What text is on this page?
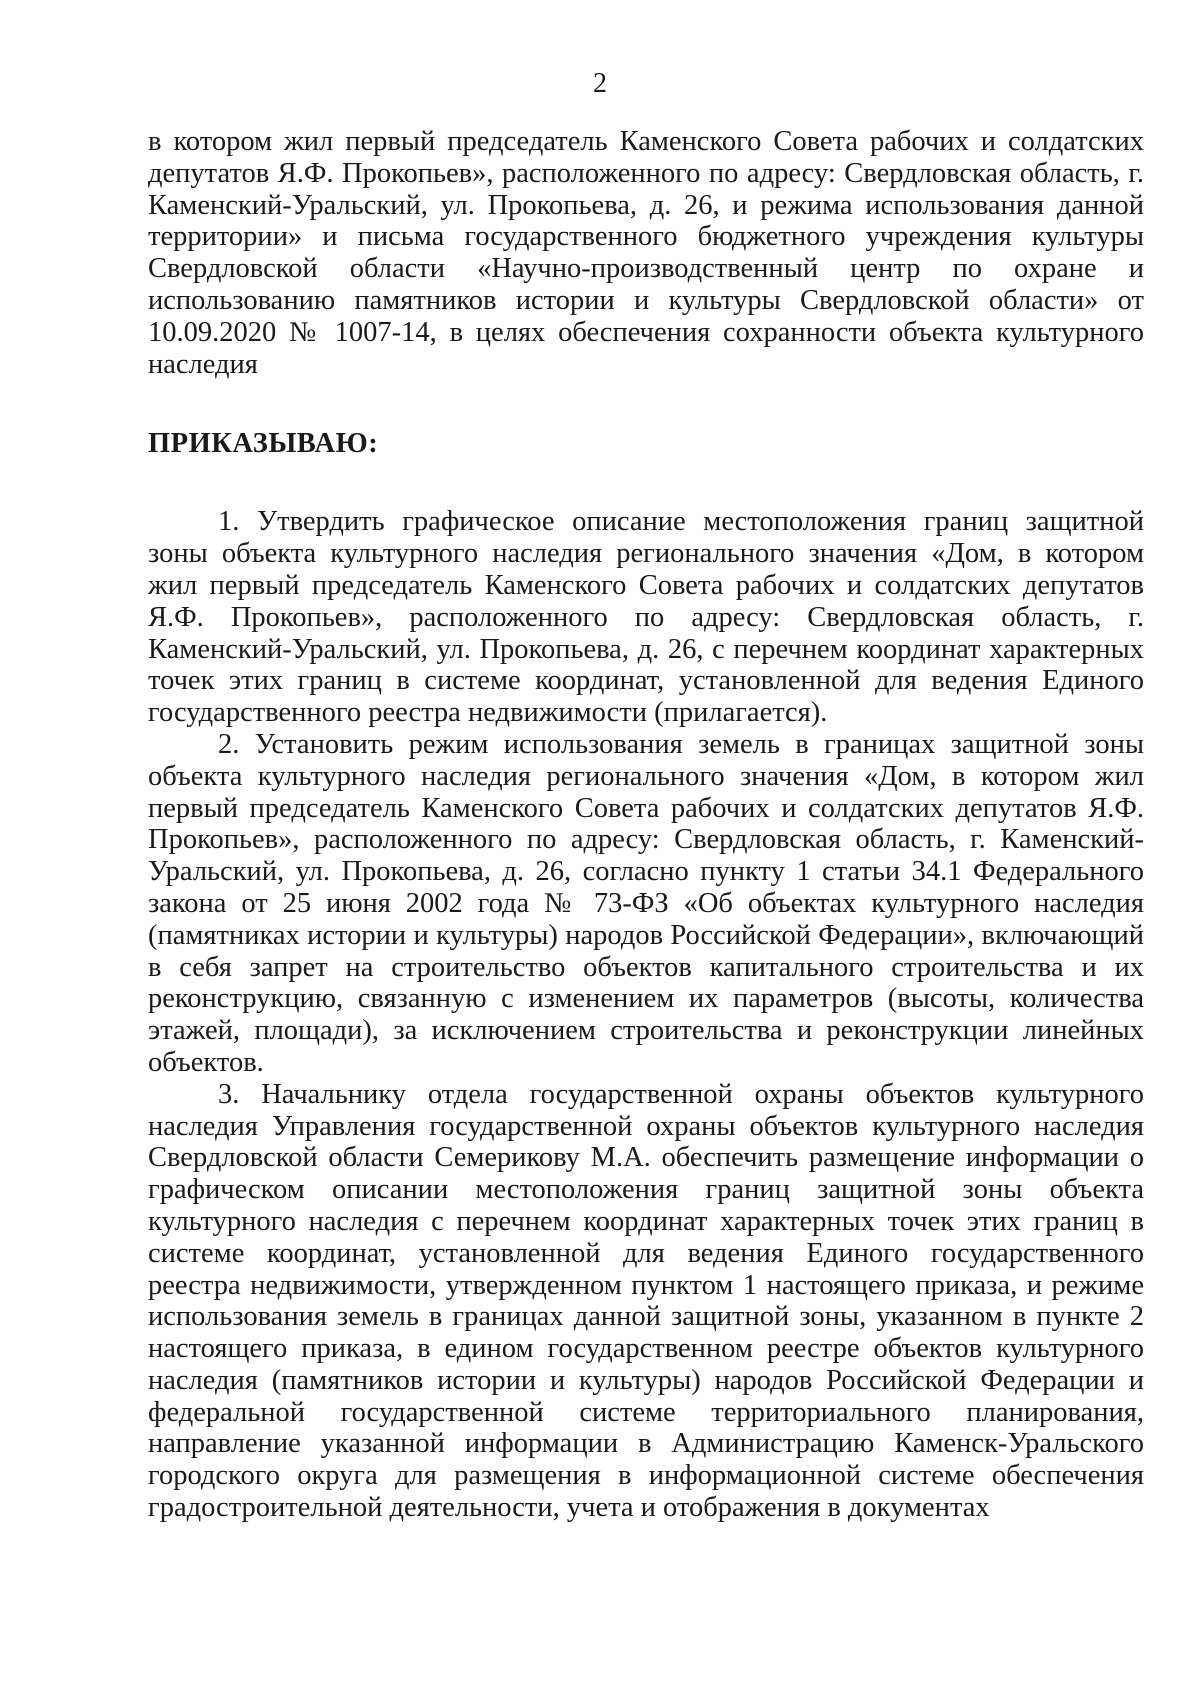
2

в котором жил первый председатель Каменского Совета рабочих и солдатских депутатов Я.Ф. Прокопьев», расположенного по адресу: Свердловская область, г. Каменский-Уральский, ул. Прокопьева, д. 26, и режима использования данной территории» и письма государственного бюджетного учреждения культуры Свердловской области «Научно-производственный центр по охране и использованию памятников истории и культуры Свердловской области» от 10.09.2020 № 1007-14, в целях обеспечения сохранности объекта культурного наследия

ПРИКАЗЫВАЮ:

1. Утвердить графическое описание местоположения границ защитной зоны объекта культурного наследия регионального значения «Дом, в котором жил первый председатель Каменского Совета рабочих и солдатских депутатов Я.Ф. Прокопьев», расположенного по адресу: Свердловская область, г. Каменский-Уральский, ул. Прокопьева, д. 26, с перечнем координат характерных точек этих границ в системе координат, установленной для ведения Единого государственного реестра недвижимости (прилагается).

2. Установить режим использования земель в границах защитной зоны объекта культурного наследия регионального значения «Дом, в котором жил первый председатель Каменского Совета рабочих и солдатских депутатов Я.Ф. Прокопьев», расположенного по адресу: Свердловская область, г. Каменский-Уральский, ул. Прокопьева, д. 26, согласно пункту 1 статьи 34.1 Федерального закона от 25 июня 2002 года № 73-ФЗ «Об объектах культурного наследия (памятниках истории и культуры) народов Российской Федерации», включающий в себя запрет на строительство объектов капитального строительства и их реконструкцию, связанную с изменением их параметров (высоты, количества этажей, площади), за исключением строительства и реконструкции линейных объектов.

3. Начальнику отдела государственной охраны объектов культурного наследия Управления государственной охраны объектов культурного наследия Свердловской области Семерикову М.А. обеспечить размещение информации о графическом описании местоположения границ защитной зоны объекта культурного наследия с перечнем координат характерных точек этих границ в системе координат, установленной для ведения Единого государственного реестра недвижимости, утвержденном пунктом 1 настоящего приказа, и режиме использования земель в границах данной защитной зоны, указанном в пункте 2 настоящего приказа, в едином государственном реестре объектов культурного наследия (памятников истории и культуры) народов Российской Федерации и федеральной государственной системе территориального планирования, направление указанной информации в Администрацию Каменск-Уральского городского округа для размещения в информационной системе обеспечения градостроительной деятельности, учета и отображения в документах
